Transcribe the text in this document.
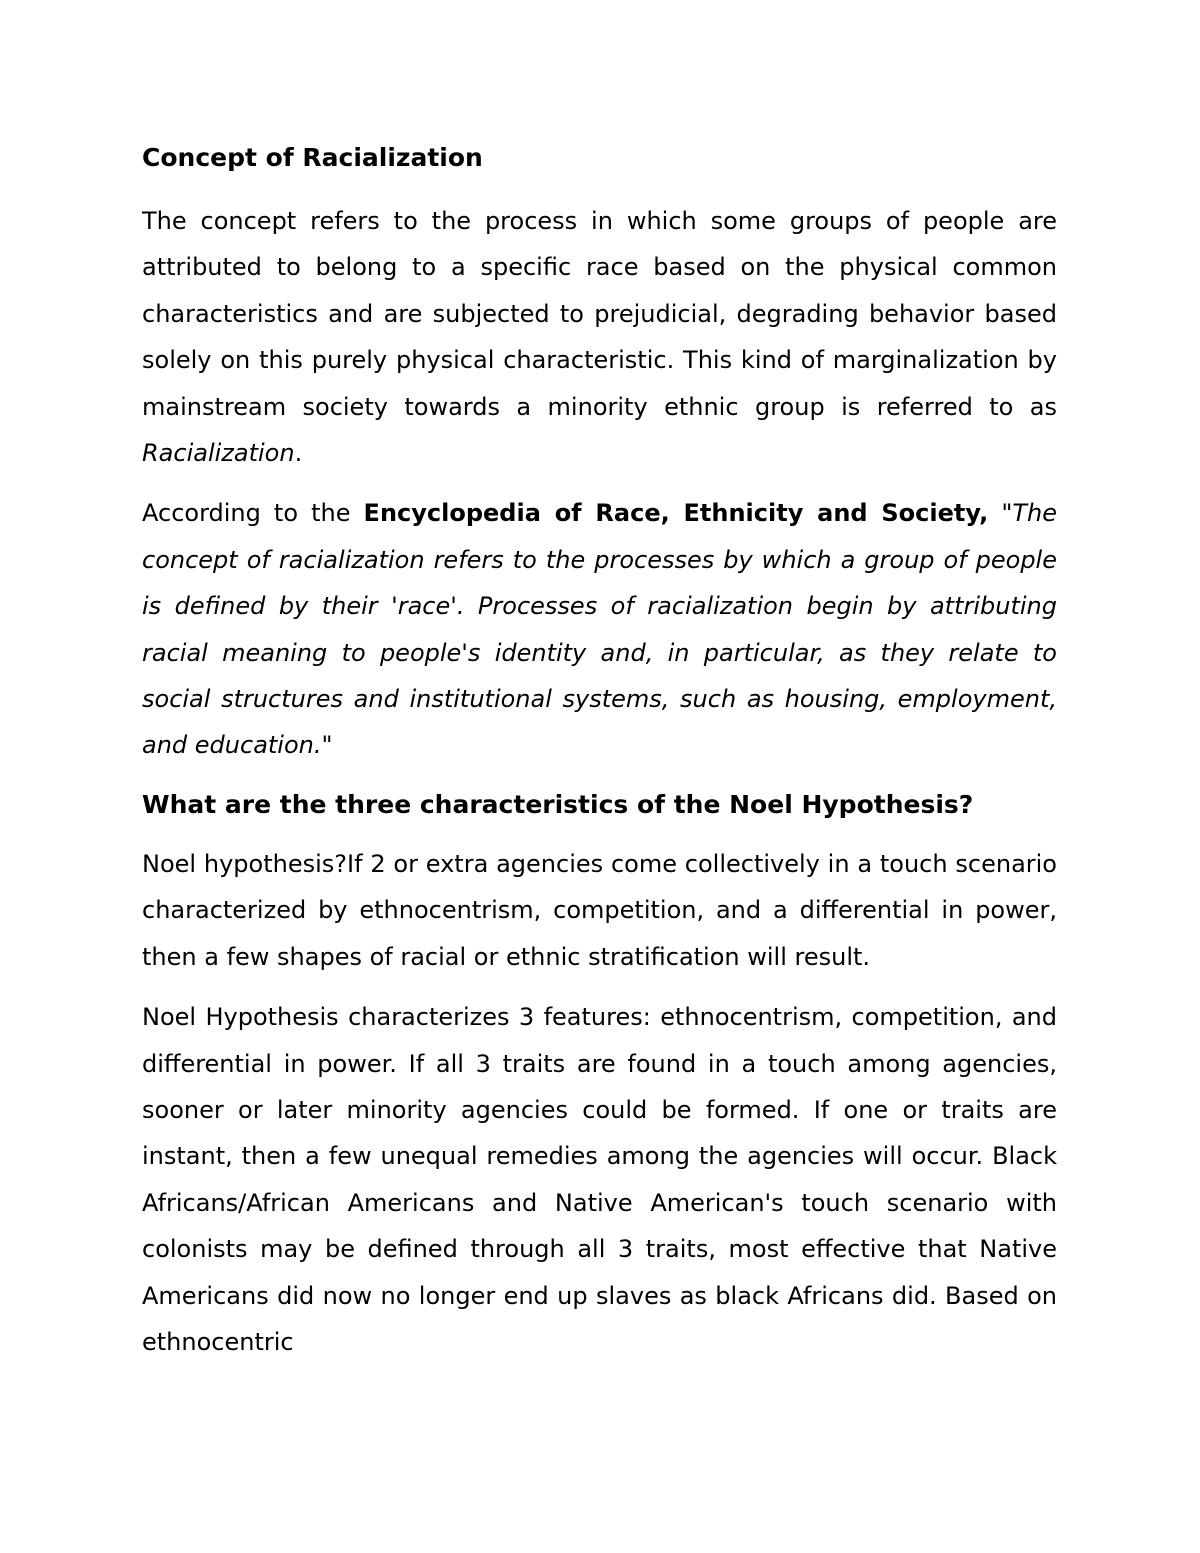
Concept of Racialization

The concept refers to the process in which some groups of people are attributed to belong to a specific race based on the physical common characteristics and are subjected to prejudicial, degrading behavior based solely on this purely physical characteristic. This kind of marginalization by mainstream society towards a minority ethnic group is referred to as Racialization.

According to the Encyclopedia of Race, Ethnicity and Society, "The concept of racialization refers to the processes by which a group of people is defined by their 'race'. Processes of racialization begin by attributing racial meaning to people's identity and, in particular, as they relate to social structures and institutional systems, such as housing, employment, and education."

What are the three characteristics of the Noel Hypothesis?

Noel hypothesis?If 2 or extra agencies come collectively in a touch scenario characterized by ethnocentrism, competition, and a differential in power, then a few shapes of racial or ethnic stratification will result.

Noel Hypothesis characterizes 3 features: ethnocentrism, competition, and differential in power. If all 3 traits are found in a touch among agencies, sooner or later minority agencies could be formed. If one or traits are instant, then a few unequal remedies among the agencies will occur. Black Africans/African Americans and Native American's touch scenario with colonists may be defined through all 3 traits, most effective that Native Americans did now no longer end up slaves as black Africans did. Based on ethnocentric
